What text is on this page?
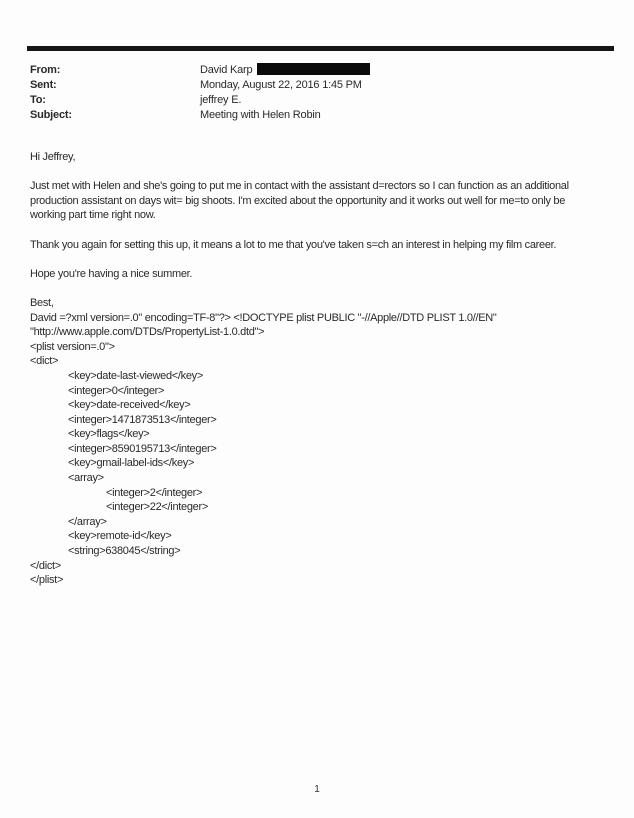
From:	David Karp
Sent:	Monday, August 22, 2016 1:45 PM
To:	jeffrey E.
Subject:	Meeting with Helen Robin
Hi Jeffrey,
Just met with Helen and she's going to put me in contact with the assistant d=rectors so I can function as an additional
production assistant on days wit= big shoots. I'm excited about the opportunity and it works out well for me=to only be
working part time right now.
Thank you again for setting this up, it means a lot to me that you've taken s=ch an interest in helping my film career.
Hope you're having a nice summer.
Best,
David =?xml version=.0" encoding=TF-8"?> <!DOCTYPE plist PUBLIC "-//Apple//DTD PLIST 1.0//EN"
"http://www.apple.com/DTDs/PropertyList-1.0.dtd">
<plist version=.0">
<dict>
<key>date-last-viewed</key>
<integer>0</integer>
<key>date-received</key>
<integer>1471873513</integer>
<key>flags</key>
<integer>8590195713</integer>
<key>gmail-label-ids</key>
<array>
<integer>2</integer>
<integer>22</integer>
</array>
<key>remote-id</key>
<string>638045</string>
</dict>
</plist>
1
